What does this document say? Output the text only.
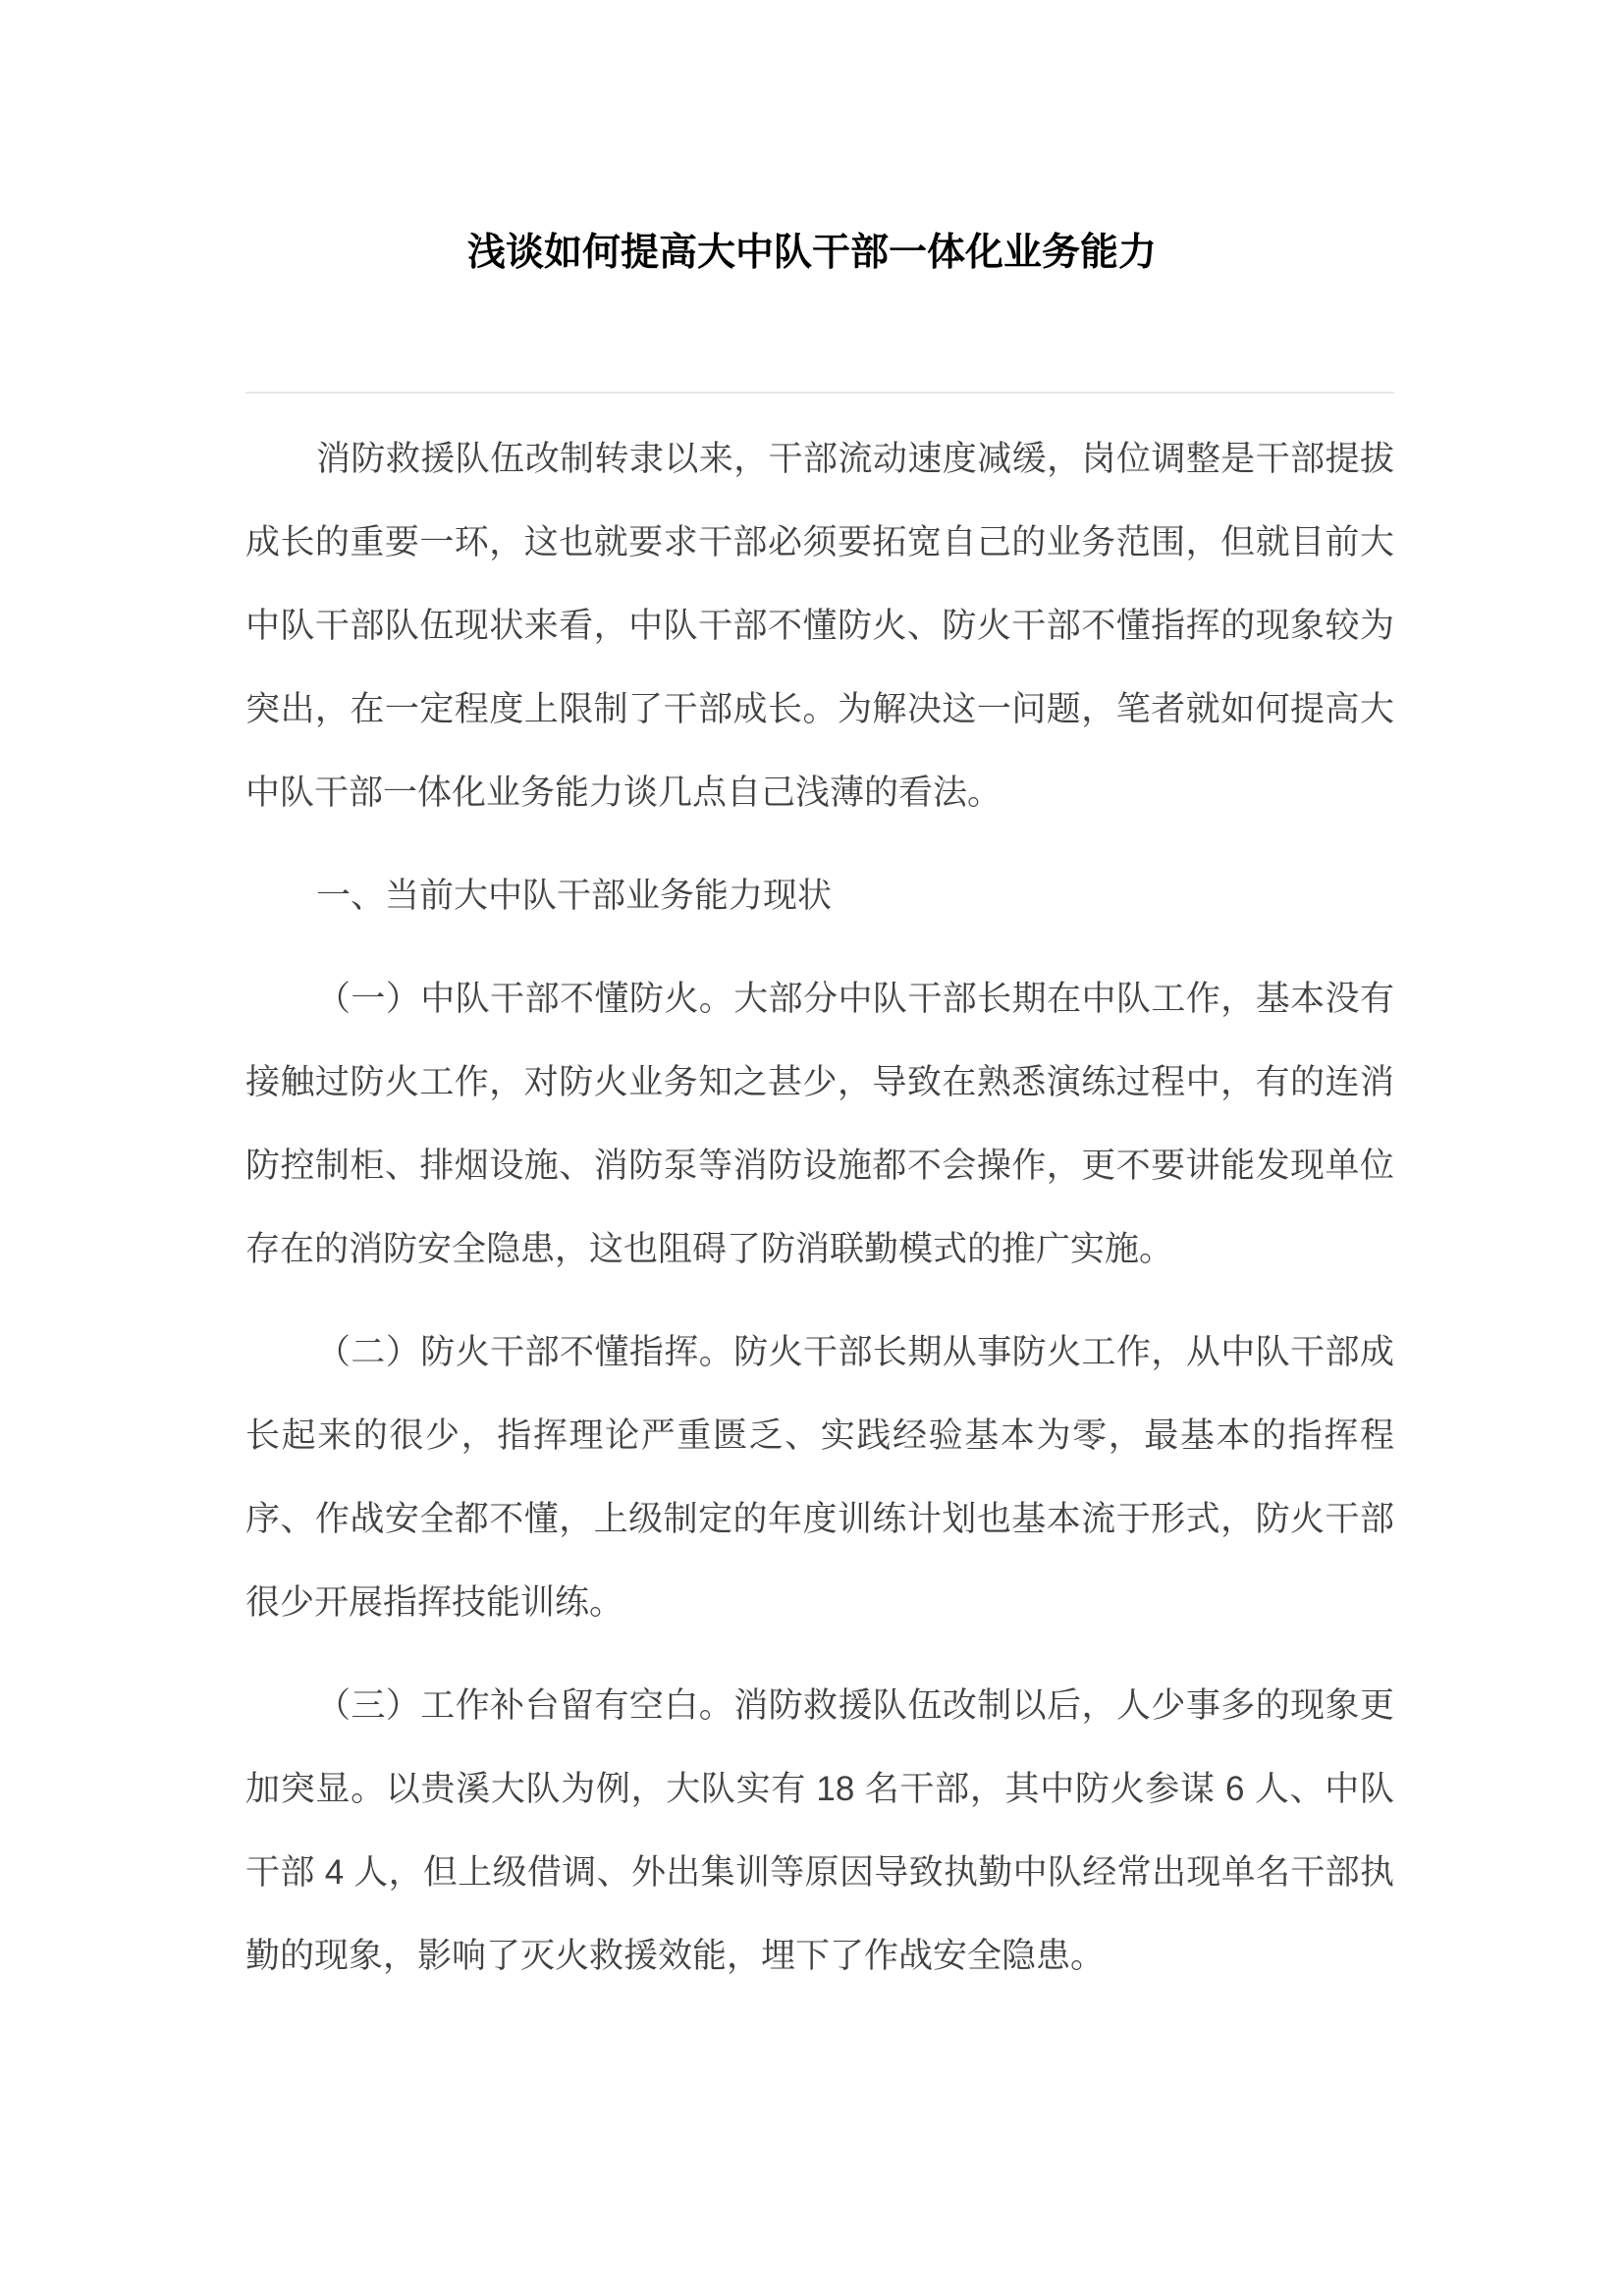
浅谈如何提高大中队干部一体化业务能力

消防救援队伍改制转隶以来，干部流动速度减缓，岗位调整是干部提拔成长的重要一环，这也就要求干部必须要拓宽自己的业务范围，但就目前大中队干部队伍现状来看，中队干部不懂防火、防火干部不懂指挥的现象较为突出，在一定程度上限制了干部成长。为解决这一问题，笔者就如何提高大中队干部一体化业务能力谈几点自己浅薄的看法。

一、当前大中队干部业务能力现状

（一）中队干部不懂防火。大部分中队干部长期在中队工作，基本没有接触过防火工作，对防火业务知之甚少，导致在熟悉演练过程中，有的连消防控制柜、排烟设施、消防泵等消防设施都不会操作，更不要讲能发现单位存在的消防安全隐患，这也阻碍了防消联勤模式的推广实施。

（二）防火干部不懂指挥。防火干部长期从事防火工作，从中队干部成长起来的很少，指挥理论严重匮乏、实践经验基本为零，最基本的指挥程序、作战安全都不懂，上级制定的年度训练计划也基本流于形式，防火干部很少开展指挥技能训练。

（三）工作补台留有空白。消防救援队伍改制以后，人少事多的现象更加突显。以贵溪大队为例，大队实有 18 名干部，其中防火参谋 6 人、中队干部 4 人，但上级借调、外出集训等原因导致执勤中队经常出现单名干部执勤的现象，影响了灭火救援效能，埋下了作战安全隐患。
